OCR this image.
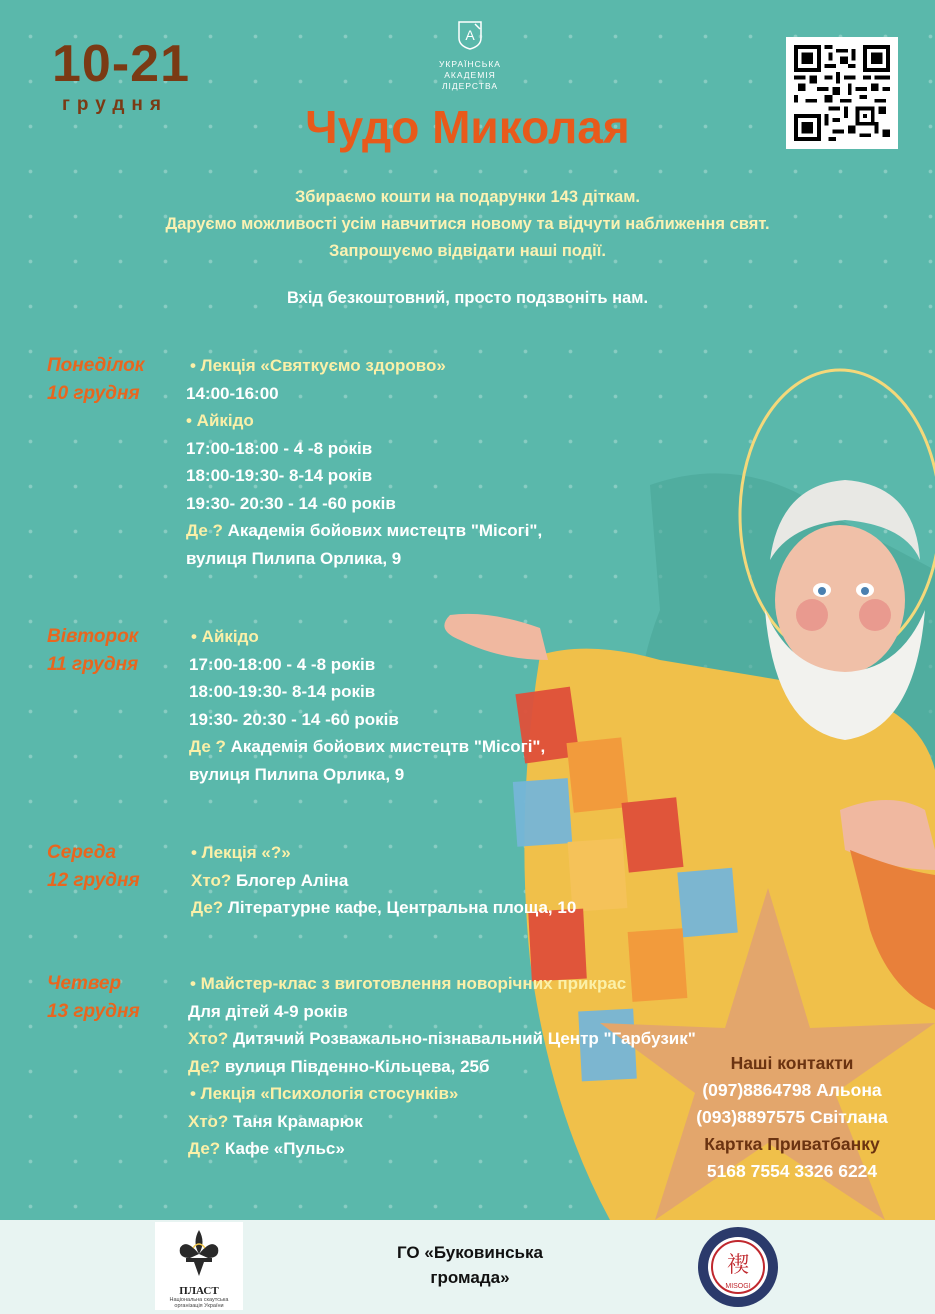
10-21
грудня
A
УКРАЇНСЬКА
АКАДЕМІЯ ЛІДЕРСТВА
Чудо Миколая
Збираємо кошти на подарунки 143 діткам.
Даруємо можливості усім навчитися новому та відчути наближення свят.
Запрошуємо відвідати наші події.
Вхід безкоштовний, просто подзвоніть нам.
Понеділок
10 грудня
• Лекція «Святкуємо здорово»
14:00-16:00
• Айкідо
17:00-18:00 - 4 -8 років
18:00-19:30- 8-14 років
19:30- 20:30 - 14 -60 років
Де ? Академія бойових мистецтв "Місогі",
вулиця Пилипа Орлика, 9
Вівторок
11 грудня
• Айкідо
17:00-18:00 - 4 -8 років
18:00-19:30- 8-14 років
19:30- 20:30 - 14 -60 років
Де ? Академія бойових мистецтв "Місогі",
вулиця Пилипа Орлика, 9
Середа
12 грудня
• Лекція «?»
Хто? Блогер Аліна
Де? Літературне кафе, Центральна площа, 10
Четвер
13 грудня
• Майстер-клас з виготовлення новорічних прикрас
Для дітей 4-9 років
Хто? Дитячий Розважально-пізнавальний Центр "Гарбузик"
Де? вулиця Південно-Кільцева, 25б
• Лекція «Психологія стосунків»
Хто? Таня Крамарюк
Де? Кафе «Пульс»
Наші контакти
(097)8864798 Альона
(093)8897575 Світлана
Картка Приватбанку
5168 7554 3326 6224
ПЛАСТ
Національна скаутська
організація України
ГО «Буковинська
громада»	禊
MISOGI
